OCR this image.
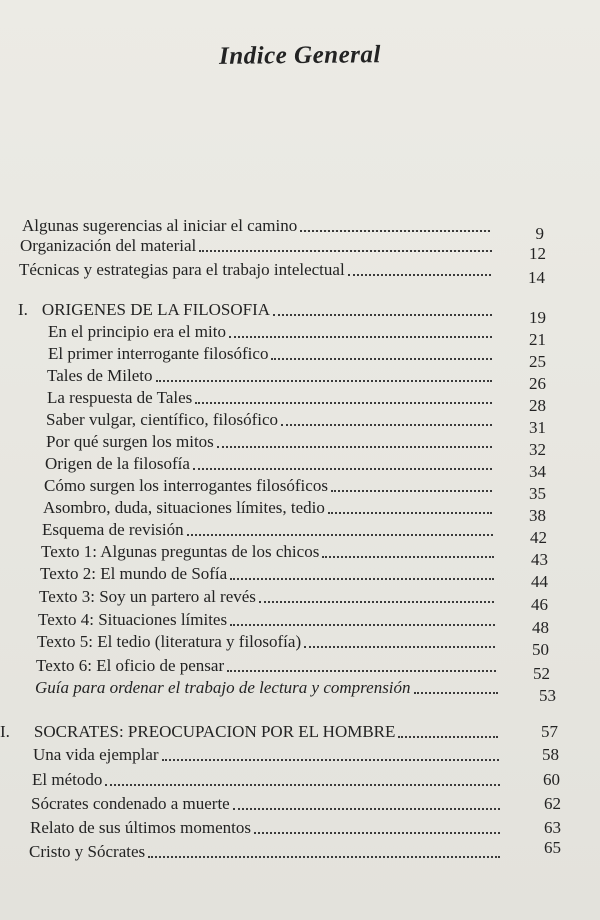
Indice General
Algunas sugerencias al iniciar el camino	9
Organización del material	12
Técnicas y estrategias para el trabajo intelectual	14
I. ORIGENES DE LA FILOSOFIA	19
En el principio era el mito	21
El primer interrogante filosófico	25
Tales de Mileto	26
La respuesta de Tales	28
Saber vulgar, científico, filosófico	31
Por qué surgen los mitos	32
Origen de la filosofía	34
Cómo surgen los interrogantes filosóficos	35
Asombro, duda, situaciones límites, tedio	38
Esquema de revisión	42
Texto 1: Algunas preguntas de los chicos	43
Texto 2: El mundo de Sofía	44
Texto 3: Soy un partero al revés	46
Texto 4: Situaciones límites	48
Texto 5: El tedio (literatura y filosofía)	50
Texto 6: El oficio de pensar	52
Guía para ordenar el trabajo de lectura y comprensión	53
I. SOCRATES: PREOCUPACION POR EL HOMBRE	57
Una vida ejemplar	58
El método	60
Sócrates condenado a muerte	62
Relato de sus últimos momentos	63
Cristo y Sócrates	65
